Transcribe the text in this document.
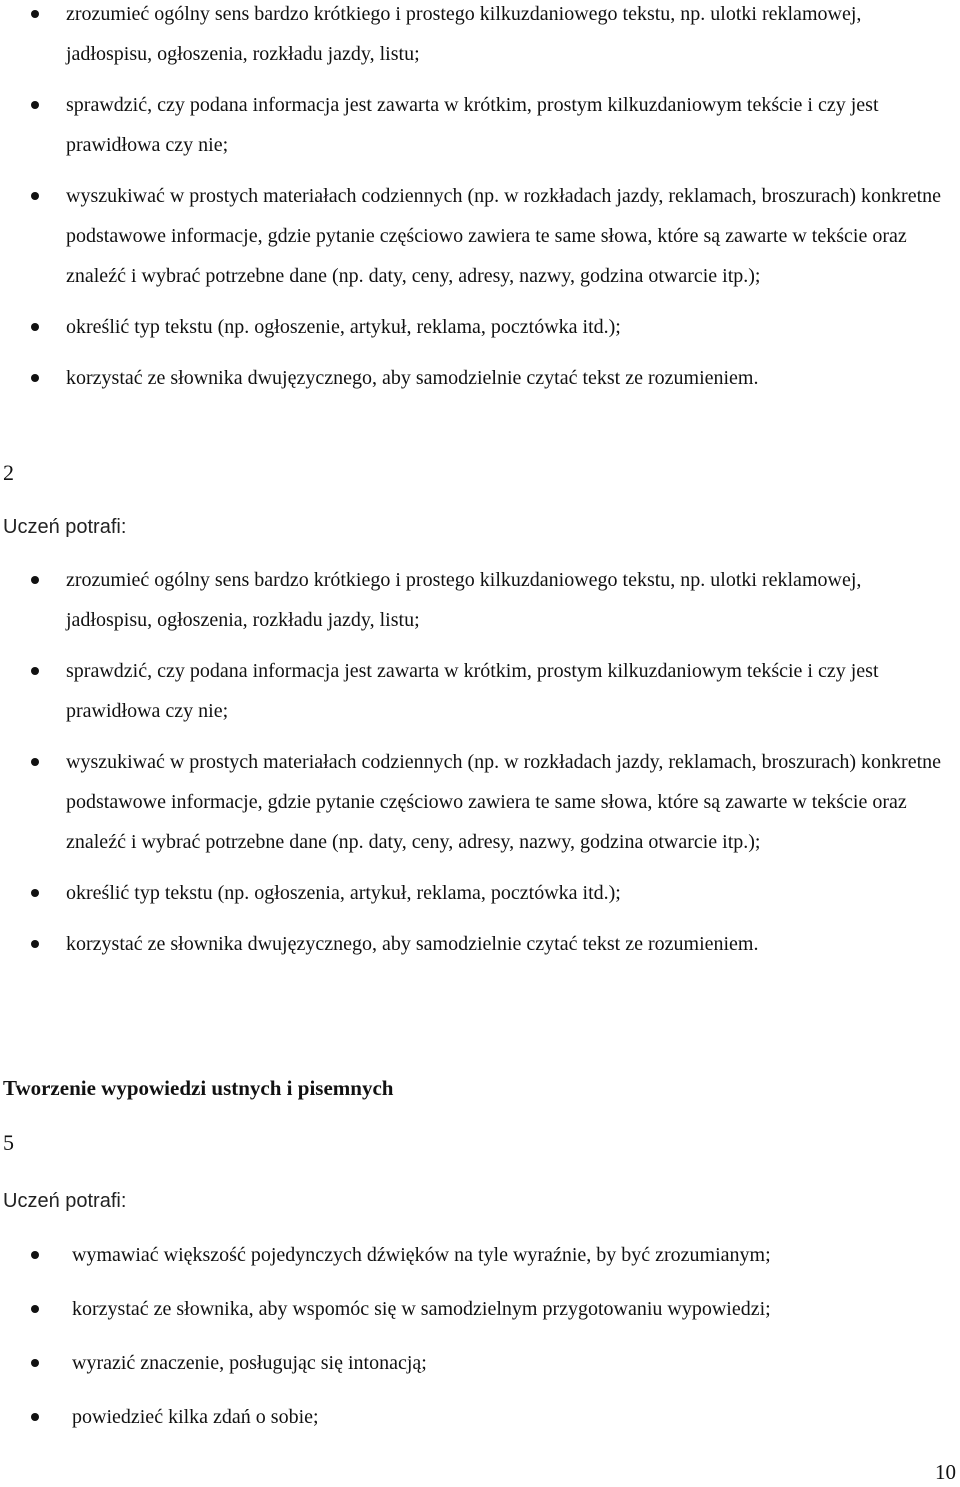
zrozumieć ogólny sens bardzo krótkiego i prostego kilkuzdaniowego tekstu, np. ulotki reklamowej, jadłospisu, ogłoszenia, rozkładu jazdy, listu;
sprawdzić, czy podana informacja jest zawarta w krótkim, prostym kilkuzdaniowym tekście i czy jest prawidłowa czy nie;
wyszukiwać w prostych materiałach codziennych (np. w rozkładach jazdy, reklamach, broszurach) konkretne podstawowe informacje, gdzie pytanie częściowo zawiera te same słowa, które są zawarte w tekście oraz znaleźć i wybrać potrzebne dane (np. daty, ceny, adresy, nazwy, godzina otwarcie itp.);
określić typ tekstu (np. ogłoszenie, artykuł, reklama, pocztówka itd.);
korzystać ze słownika dwujęzycznego, aby samodzielnie czytać tekst ze rozumieniem.
2
Uczeń potrafi:
zrozumieć ogólny sens bardzo krótkiego i prostego kilkuzdaniowego tekstu, np. ulotki reklamowej, jadłospisu, ogłoszenia, rozkładu jazdy, listu;
sprawdzić, czy podana informacja jest zawarta w krótkim, prostym kilkuzdaniowym tekście i czy jest prawidłowa czy nie;
wyszukiwać w prostych materiałach codziennych (np. w rozkładach jazdy, reklamach, broszurach) konkretne podstawowe informacje, gdzie pytanie częściowo zawiera te same słowa, które są zawarte w tekście oraz znaleźć i wybrać potrzebne dane (np. daty, ceny, adresy, nazwy, godzina otwarcie itp.);
określić typ tekstu (np. ogłoszenia, artykuł, reklama, pocztówka itd.);
korzystać ze słownika dwujęzycznego, aby samodzielnie czytać tekst ze rozumieniem.
Tworzenie wypowiedzi ustnych i pisemnych
5
Uczeń potrafi:
wymawiać większość pojedynczych dźwięków na tyle wyraźnie, by być zrozumianym;
korzystać ze słownika, aby wspomóc się w samodzielnym przygotowaniu wypowiedzi;
wyrazić znaczenie, posługując się intonacją;
powiedzieć kilka zdań o sobie;
10
